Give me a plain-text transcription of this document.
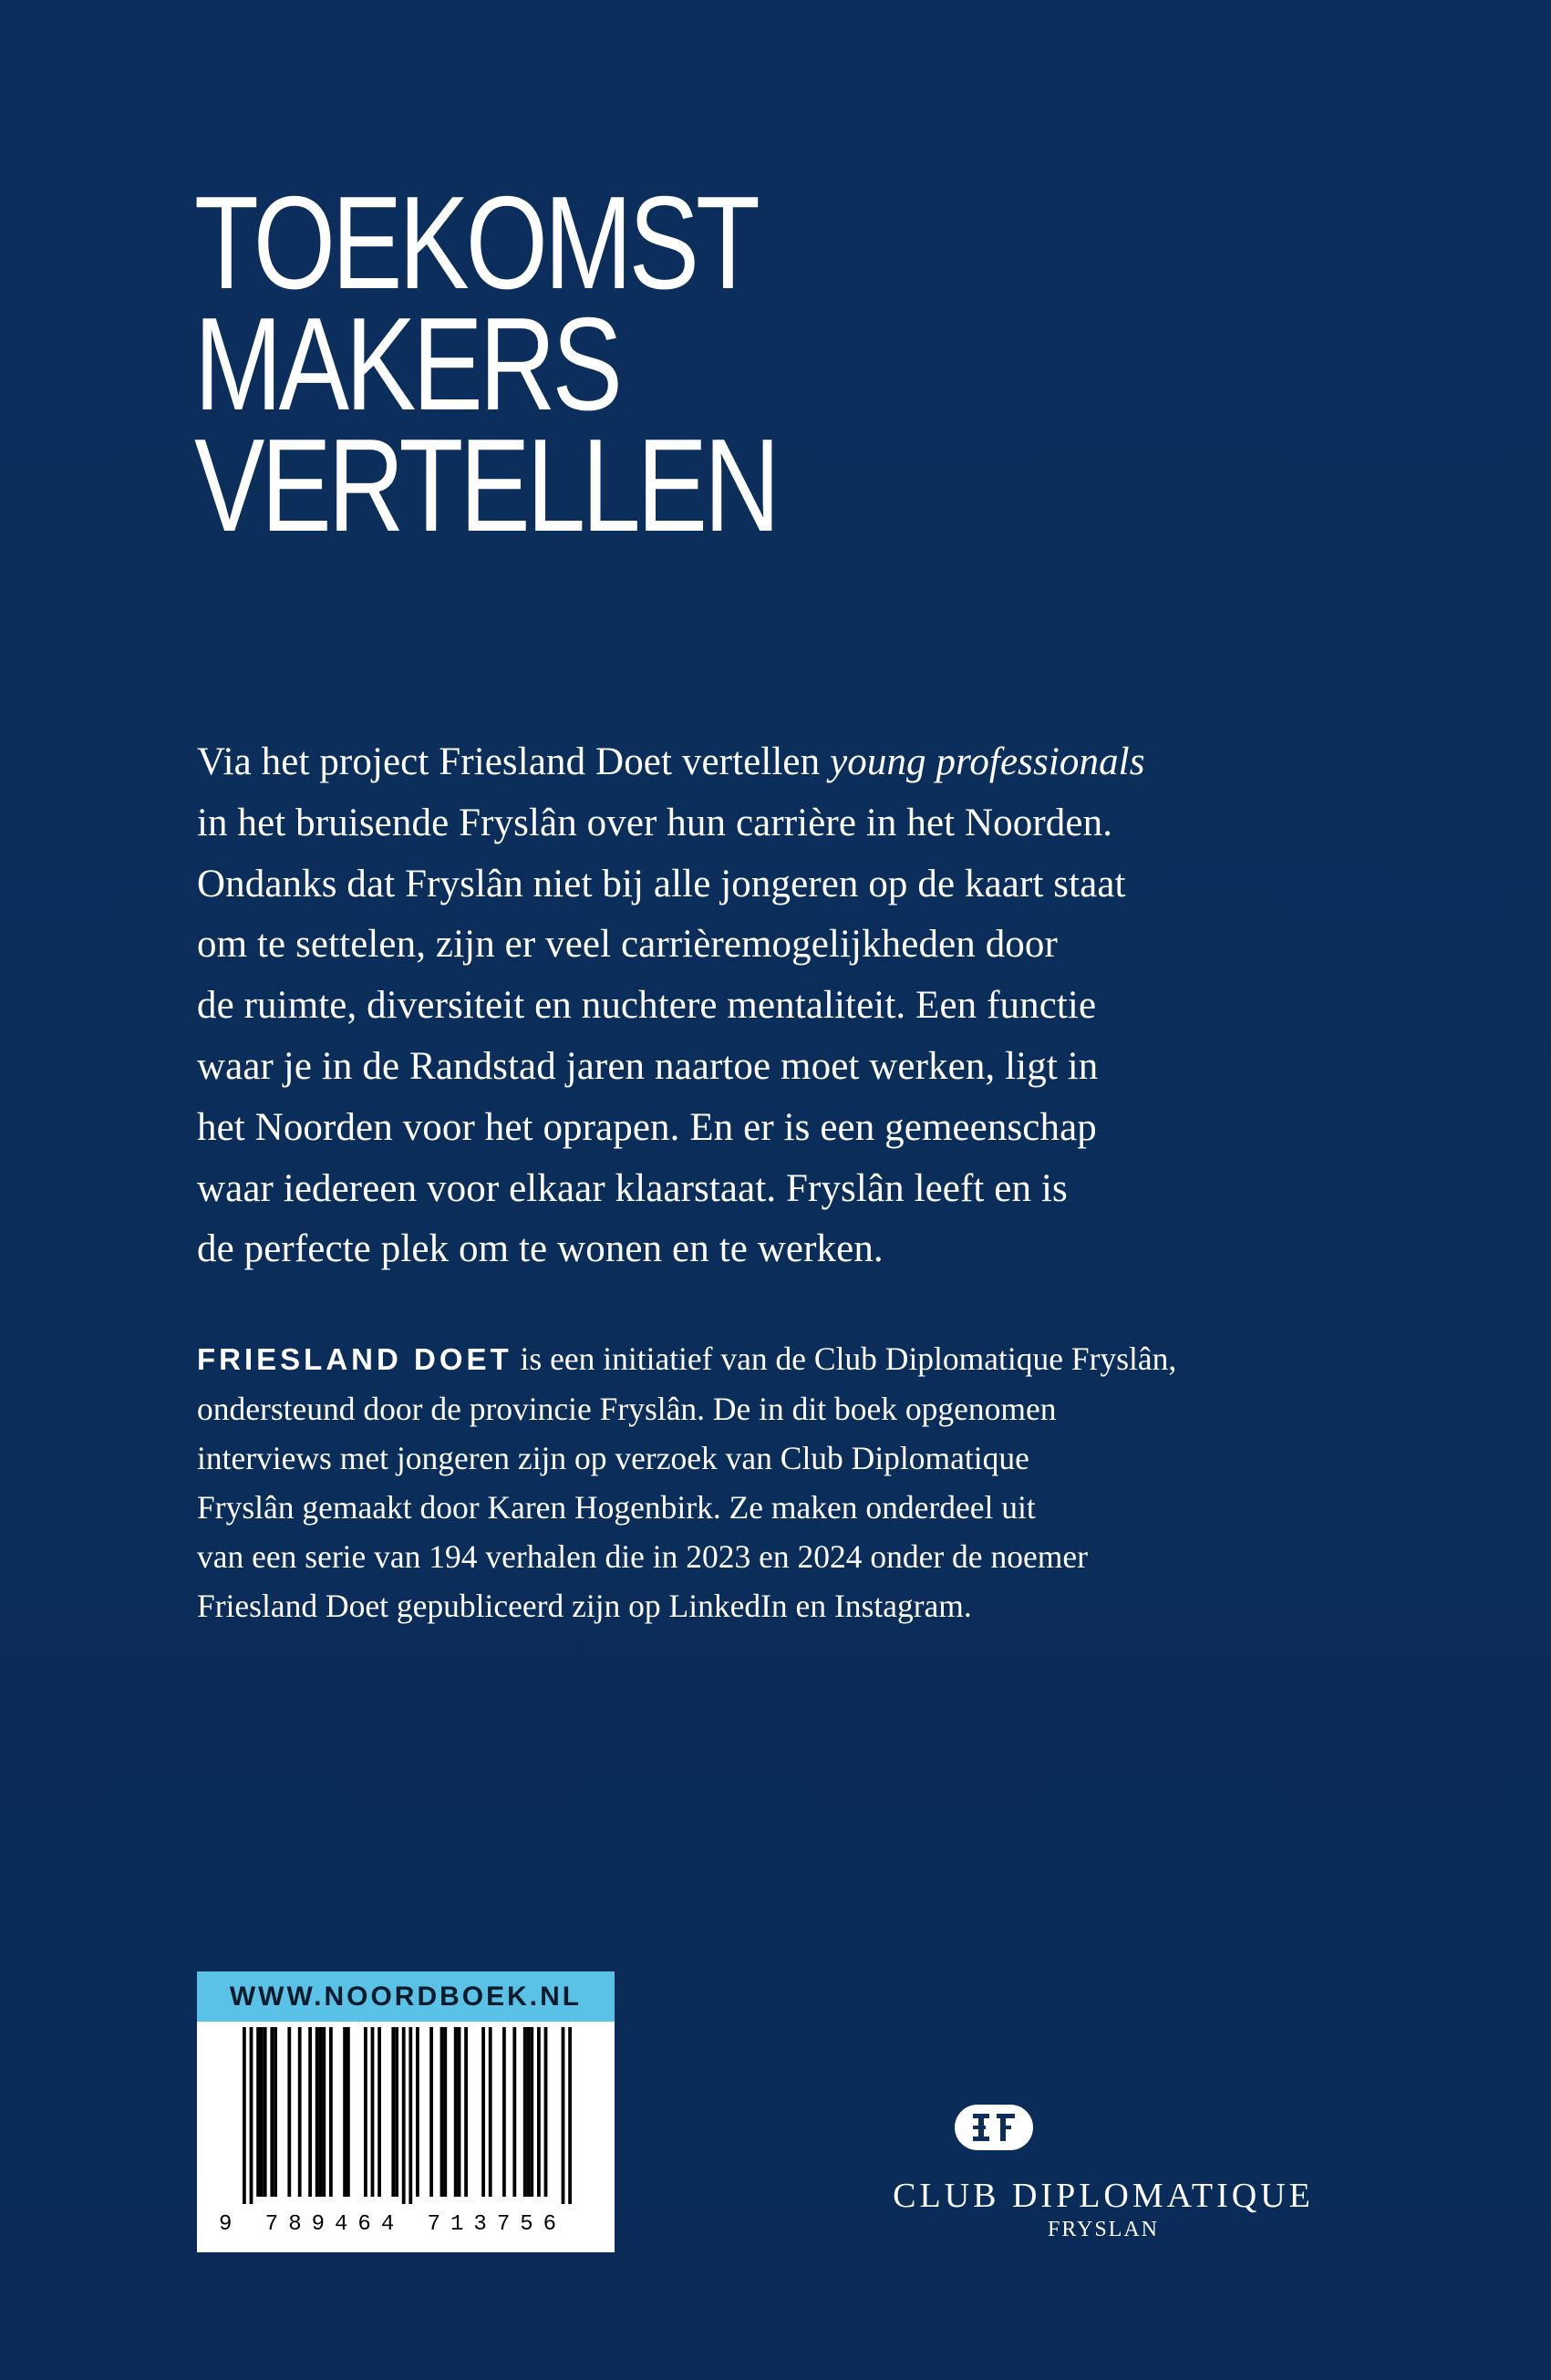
TOEKOMST
MAKERS
VERTELLEN
Via het project Friesland Doet vertellen young professionals
in het bruisende Fryslân over hun carrière in het Noorden.
Ondanks dat Fryslân niet bij alle jongeren op de kaart staat
om te settelen, zijn er veel carrièremogelijkheden door
de ruimte, diversiteit en nuchtere mentaliteit. Een functie
waar je in de Randstad jaren naartoe moet werken, ligt in
het Noorden voor het oprapen. En er is een gemeenschap
waar iedereen voor elkaar klaarstaat. Fryslân leeft en is
de perfecte plek om te wonen en te werken.
FRIESLAND DOET is een initiatief van de Club Diplomatique Fryslân,
ondersteund door de provincie Fryslân. De in dit boek opgenomen
interviews met jongeren zijn op verzoek van Club Diplomatique
Fryslân gemaakt door Karen Hogenbirk. Ze maken onderdeel uit
van een serie van 194 verhalen die in 2023 en 2024 onder de noemer
Friesland Doet gepubliceerd zijn op LinkedIn en Instagram.
WWW.NOORDBOEK.NL
9 789464 713756
CLUB DIPLOMATIQUE
FRYSLAN
